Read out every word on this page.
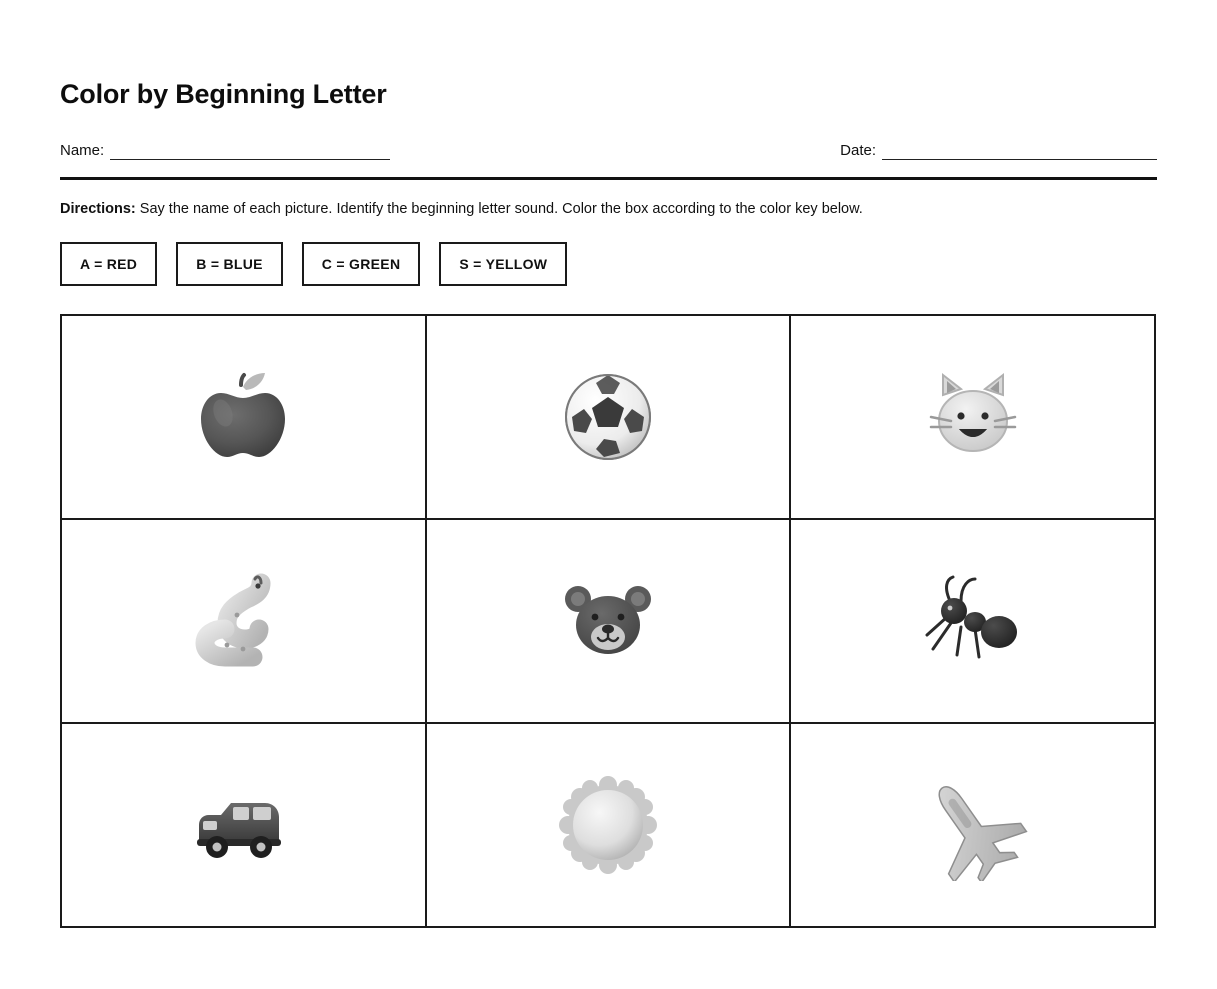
Color by Beginning Letter
Name:	Date:
Directions: Say the name of each picture. Identify the beginning letter sound. Color the box according to the color key below.
A = RED	B = BLUE	C = GREEN	S = YELLOW
